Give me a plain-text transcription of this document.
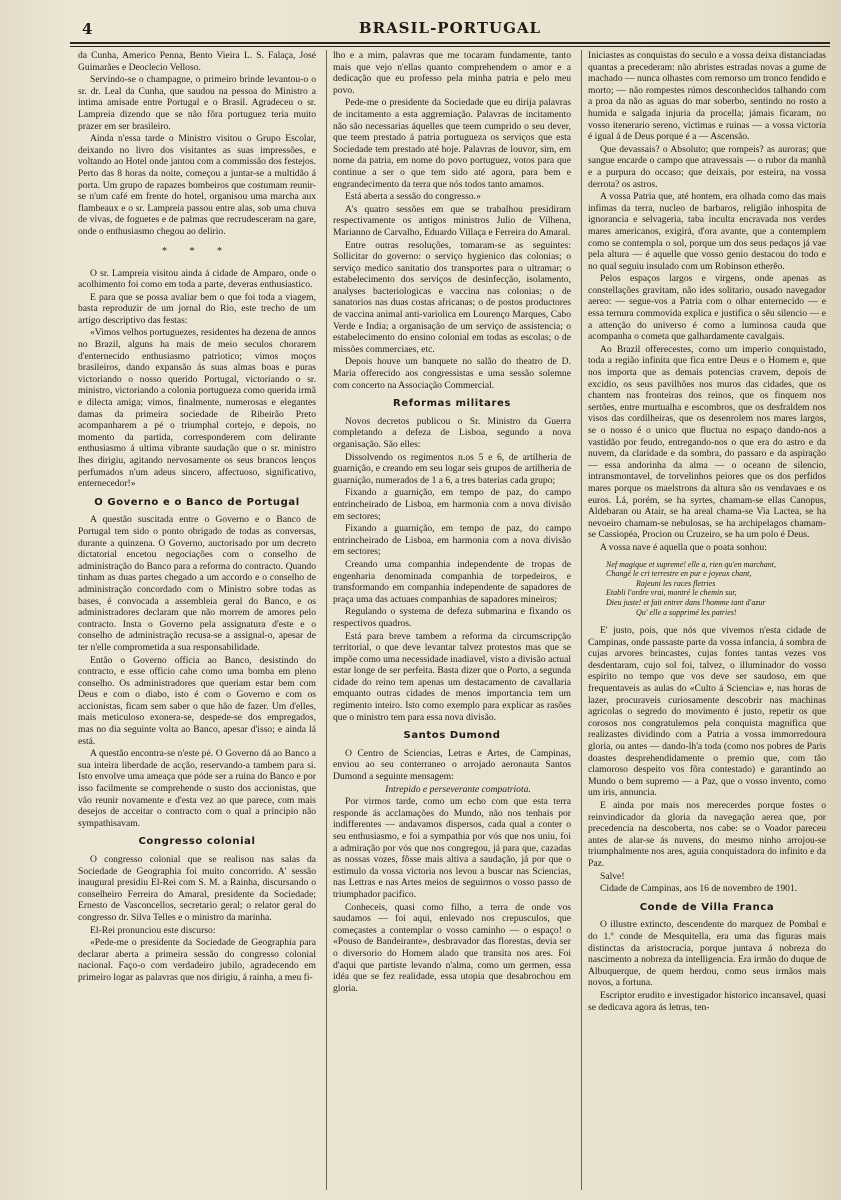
4	BRASIL-PORTUGAL

da Cunha, Americo Penna, Bento Vieira L. S. Falaça, José Guimarães e Deoclecio Velloso.

Servindo-se o champagne, o primeiro brinde levantou-o o sr. dr. Leal da Cunha, que saudou na pessoa do Ministro a intima amisade entre Portugal e o Brasil. Agradeceu o sr. Lampreia dizendo que se não fôra portuguez teria muito prazer em ser brasileiro.

Ainda n'essa tarde o Ministro visitou o Grupo Escolar, deixando no livro dos visitantes as suas impressões, e voltando ao Hotel onde jantou com a commissão dos festejos. Perto das 8 horas da noite, começou a juntar-se a multidão á porta. Um grupo de rapazes bombeiros que costumam reunir-se n'um café em frente do hotel, organisou uma marcha aux flambeaux e o sr. Lampreia passou entre alas, sob uma chuva de vivas, de foguetes e de palmas que recrudesceram na gare, onde o enthusiasmo chegou ao delirio.

* * *

O sr. Lampreia visitou ainda á cidade de Amparo, onde o acolhimento foi como em toda a parte, deveras enthusiastico.

E para que se possa avaliar bem o que foi toda a viagem, basta reproduzir de um jornal do Rio, este trecho de um artigo descriptivo das festas:

«Vimos velhos portuguezes, residentes ha dezena de annos no Brazil, alguns ha mais de meio seculos chorarem d'enternecido enthusiasmo patriotico; vimos moços brasileiros, dando expansão ás suas almas boas e puras victoriando o nosso querido Portugal, victoriando o sr. ministro, victoriando a colonia portugueza como querida irmã e dilecta amiga; vimos, finalmente, numerosas e elegantes damas da primeira sociedade de Ribeirão Preto acompanharem a pé o triumphal cortejo, e depois, no momento da partida, corresponderem com delirante enthusiasmo á ultima vibrante saudação que o sr. ministro lhes dirigiu, agitando nervosamente os seus brancos lenços perfumados n'um adeus sincero, affectuoso, significativo, enternecedor!»

O Governo e o Banco de Portugal

A questão suscitada entre o Governo e o Banco de Portugal tem sido o ponto obrigado de todas as conversas, durante a quinzena. O Governo, auctorisado por um decreto dictatorial encetou negociações com o conselho de administração do Banco para a reforma do contracto. Quando tinham as duas partes chegado a um accordo e o conselho de administração concordado com o Ministro sobre todas as bases, é convocada a assembleia geral do Banco, e os administradores declaram que não morrem de amores pelo contracto. Insta o Governo pela assignatura d'este e o conselho de administração recusa-se a assignal-o, apesar de ter n'elle comprometida a sua responsabilidade.

Então o Governo officia ao Banco, desistindo do contracto, e esse officio cahe como uma bomba em pleno conselho. Os administradores que queriam estar bem com Deus e com o diabo, isto é com o Governo e com os accionistas, ficam sem saber o que hão de fazer. Um d'elles, mais meticuloso exonera-se, despede-se dos empregados, mas no dia seguinte volta ao Banco, apesar d'isso; e ainda lá está.

A questão encontra-se n'este pé. O Governo dá ao Banco a sua inteira liberdade de acção, reservando-a tambem para si. Isto envolve uma ameaça que póde ser a ruina do Banco e por isso facilmente se comprehende o susto dos accionistas, que vão reunir novamente e d'esta vez ao que parece, com mais desejos de acceitar o contracto com o qual a principio não sympathisavam.

Congresso colonial

O congresso colonial que se realisou nas salas da Sociedade de Geographia foi muito concorrido. A' sessão inaugural presidiu El-Rei com S. M. a Rainha, discursando o conselheiro Ferreira do Amaral, presidente da Sociedade; Ernesto de Vasconcellos, secretario geral; o relator geral do congresso dr. Silva Telles e o ministro da marinha.

El-Rei pronunciou este discurso:

«Pede-me o presidente da Sociedade de Geographia para declarar aberta a primeira sessão do congresso colonial nacional. Faço-o com verdadeiro jubilo, agradecendo em primeiro logar as palavras que nos dirigiu, á rainha, a meu fi-

lho e a mim, palavras que me tocaram fundamente, tanto mais que vejo n'ellas quanto comprehendem o amor e a dedicação que eu professo pela minha patria e pelo meu povo.

Pede-me o presidente da Sociedade que eu dirija palavras de incitamento a esta aggremiação. Palavras de incitamento não são necessarias áquelles que teem cumprido o seu dever, que teem prestado á patria portugueza os serviços que esta Sociedade tem prestado até hoje. Palavras de louvor, sim, em nome da patria, em nome do povo portuguez, votos para que continue a ser o que tem sido até agora, para bem e engrandecimento da terra que nós todos tanto amamos.

Está aberta a sessão do congresso.»

A's quatro sessões em que se trabalhou presidiram respectivamente os antigos ministros Julio de Vilhena, Marianno de Carvalho, Eduardo Villaça e Ferreira do Amaral.

Entre outras resoluções, tomaram-se as seguintes: Sollicitar do governo: o serviço hygienico das colonias; o serviço medico sanitatio dos transportes para o ultramar; o estabelecimento dos serviços de desinfecção, isolamento, analyses bacteriologicas e vaccina nas colonias; o de sanatorios nas duas costas africanas; o de postos productores de vaccina animal anti-variolica em Lourenço Marques, Cabo Verde e India; a organisação de um serviço de assistencia; o estabelecimento do ensino colonial em todas as escolas; o de missões commerciaes, etc.

Depois houve um banquete no salão do theatro de D. Maria offerecido aos congressistas e uma sessão solemne com concerto na Associação Commercial.

Reformas militares

Novos decretos publicou o Sr. Ministro da Guerra completando a defeza de Lisboa, segundo a nova organisação. São elles:

Dissolvendo os regimentos n.os 5 e 6, de artilheria de guarnição, e creando em seu logar seis grupos de artilheria de guarnição, numerados de 1 a 6, a tres baterias cada grupo;

Fixando a guarnição, em tempo de paz, do campo entrincheirado de Lisboa, em harmonia com a nova divisão em sectores;

Fixando a guarnição, em tempo de paz, do campo entrincheirado de Lisboa, em harmonia com a nova divisão em sectores;

Creando uma companhia independente de tropas de engenharia denominada companhia de torpedeiros, e transformando em companhia independente de sapadores de praça uma das actuaes companhias de sapadores mineiros;

Regulando o systema de defeza submarina e fixando os respectivos quadros.

Está para breve tambem a reforma da circumscripção territorial, o que deve levantar talvez protestos mas que se impõe como uma necessidade inadiavel, visto a divisão actual estar longe de ser perfeita. Basta dizer que o Porto, a segunda cidade do reino tem apenas um destacamento de cavallaria emquanto outras cidades de menos importancia tem um regimento inteiro. Isto como exemplo para explicar as rasões que o ministro tem para essa nova divisão.

Santos Dumond

O Centro de Sciencias, Letras e Artes, de Campinas, enviou ao seu conterraneo o arrojado aeronauta Santos Dumond a seguinte mensagem:

Intrepido e perseverante compatriota.

Por virmos tarde, como um echo com que esta terra responde ás acclamações do Mundo, não nos tenhais por indifferentes — andavamos dispersos, cada qual a conter o seu enthusiasmo, e foi a sympathia por vós que nos uniu, foi a admiração por vós que nos congregou, já para que, cazadas as nossas vozes, fôsse mais altiva a saudação, já por que o estimulo da vossa victoria nos levou a buscar nas Sciencias, nas Lettras e nas Artes meios de seguirmos o vosso passo de triumphador pacifico.

Conheceis, quasi como filho, a terra de onde vos saudamos — foi aqui, enlevado nos crepusculos, que começastes a contemplar o vosso caminho — o espaço! o «Pouso de Bandeirante», desbravador das florestas, devia ser o diversorio do Homem alado que transita nos ares. Foi d'aqui que partiste levando n'alma, como um germen, essa idéa que se fez realidade, essa utopia que desabrochou em gloria.

Iniciastes as conquistas do seculo e a vossa deixa distanciadas quantas a precederam: não abristes estradas novas a gume de machado — nunca olhastes com remorso um tronco fendido e morto; — não rompestes rúmos desconhecidos talhando com a proa da não as aguas do mar soberbo, sentindo no rosto a humida e salgada injuria da procella; jámais ficaram, no vosso itenerario sereno, victimas e ruinas — a vossa victoria é igual á de Deus porque é a — Ascensão.

Que devassais? o Absoluto; que rompeis? as auroras; que sangue encarde o campo que atravessais — o rubor da manhã e a purpura do occaso; que deixais, por esteira, na vossa derrota? os astros.

A vossa Patria que, até hontem, era olhada como das mais infimas da terra, nucleo de barbaros, religião inhospita de ignorancia e selvageria, taba inculta encravada nos verdes mares americanos, exigirá, d'ora avante, que a contemplem como se contempla o sol, porque um dos seus pedaços já vae pela altura — é aquelle que vosso genio destacou do todo e no qual seguiu insulado com um Robinson etherêo.

Pelos espaços largos e virgens, onde apenas as constellações gravitam, não ides solitario, ousado navegador aereo: — segue-vos a Patria com o olhar enternecido — e essa ternura commovida explica e justifica o sêu silencio — e a attenção do universo é como a luminosa cauda que acompanha o cometa que galhardamente cavalgais.

Ao Brazil offerecestes, como um imperio conquistado, toda a região infinita que fica entre Deus e o Homem e, que nos importa que as demais potencias cravem, depois de excidio, os seus pavilhões nos muros das cidades, que os chantem nas fronteiras dos reinos, que os finquem nos sertões, entre murtualha e escombros, que os desfraldem nos visos das cordilheiras, que os desenrolem nos mares largos, se o nosso é o unico que fluctua no espaço dando-nos a vastidão por feudo, entregando-nos o que era do astro e da nuvem, da claridade e da sombra, do passaro e da aspiração — essa andorinha da alma — o oceano de silencio, intransmontavel, de torvelinhos peiores que os dos perfidos mares porque os maelstrons da altura são os vendavaes e os euros. Lá, porém, se ha syrtes, chamam-se ellas Canopus, Aldebaran ou Atair, se ha areal chama-se Via Lactea, se ha nevoeiro chamam-se nebulosas, se ha archipelagos chamam-se Cassiopéa, Procion ou Cruzeiro, se ha um polo é Deus.

A vossa nave é aquella que o poata sonhou:

Nef magique et supreme! elle a, rien qu'en marchant,
Changé le cri terrestre en pur e joyeux chant,
Rajeuni les races fletries
Etabli l'ordre vrai, montré le chemin sur,
Dieu juste! et fait entrer dans l'homme tant d'azur
Qu' elle a supprimé les patries!

E' justo, pois, que nós que vivemos n'esta cidade de Campinas, onde passaste parte da vossa infancia, á sombra de cujas arvores brincastes, cujas fontes tantas vezes vos desdentaram, cujo sol foi, talvez, o illuminador do vosso espirito no tempo que vos deve ser saudoso, em que frequentaveis as aulas do «Culto á Sciencia» e, nas horas de lazer, procuraveis curiosamente descobrir nas machinas agricolas o segredo do movimento é justo, repetir os que corosos nos congratulemos pela conquista magnifica que realizastes dividindo com a Patria a vossa immorredoura gloria, ou antes — dando-lh'a toda (como nos pobres de Paris doastes desprehendidamente o premio que, com tão clamoroso despeito vos fôra contestado) e garantindo ao Mundo o bem supremo — a Paz, que o vosso invento, como um iris, annuncia.

E ainda por mais nos merecerdes porque fostes o reinvindicador da gloria da navegação aerea que, por precedencia na descoberta, nos cabe: se o Voador pareceu antes de alar-se ás nuvens, do mesmo ninho arrojou-se triumphalmente nos ares, aguia conquistadora do infinito e da Paz.

Salve!

Cidade de Campinas, aos 16 de novembro de 1901.

Conde de Villa Franca

O illustre extincto, descendente do marquez de Pombal e do 1.º conde de Mesquitella, era uma das figuras mais distinctas da aristocracia, porque juntava á nobreza do nascimento a nobreza da intelligencia. Era irmão do duque de Albuquerque, de quem herdou, como seus irmãos mais novos, a fortuna.

Escriptor erudito e investigador historico incansavel, quasi se dedicava agora ás letras, ten-
